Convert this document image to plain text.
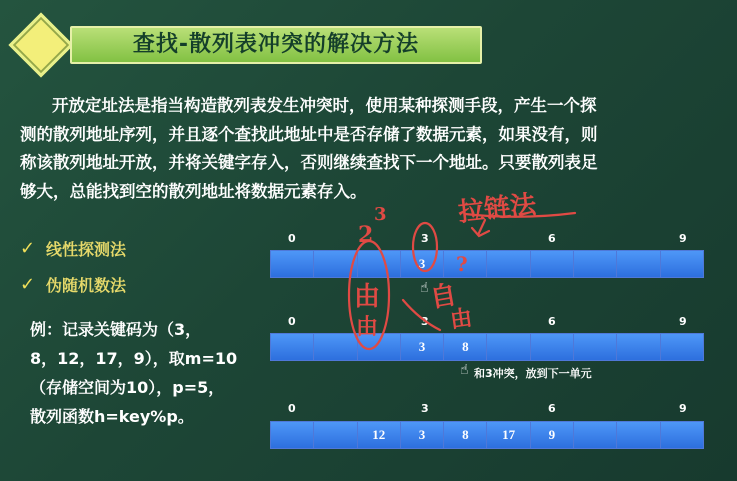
查找-散列表冲突的解决方法

开放定址法是指当构造散列表发生冲突时，使用某种探测手段，产生一个探

测的散列地址序列，并且逐个查找此地址中是否存储了数据元素，如果没有，则

称该散列地址开放，并将关键字存入，否则继续查找下一个地址。只要散列表足

够大，总能找到空的散列地址将数据元素存入。

✓ 线性探测法
✓ 伪随机数法

例：记录关键码为（3，

8，12，17，9），取m=10

（存储空间为10），p=5，

散列函数h=key%p。

0	3	6	9
3
☝
0	3	6	9
3	8
☝ 和3冲突，放到下一单元
0	3	6	9
12	3	8	17	9
拉链法
2
3
?
由
由
自
由
